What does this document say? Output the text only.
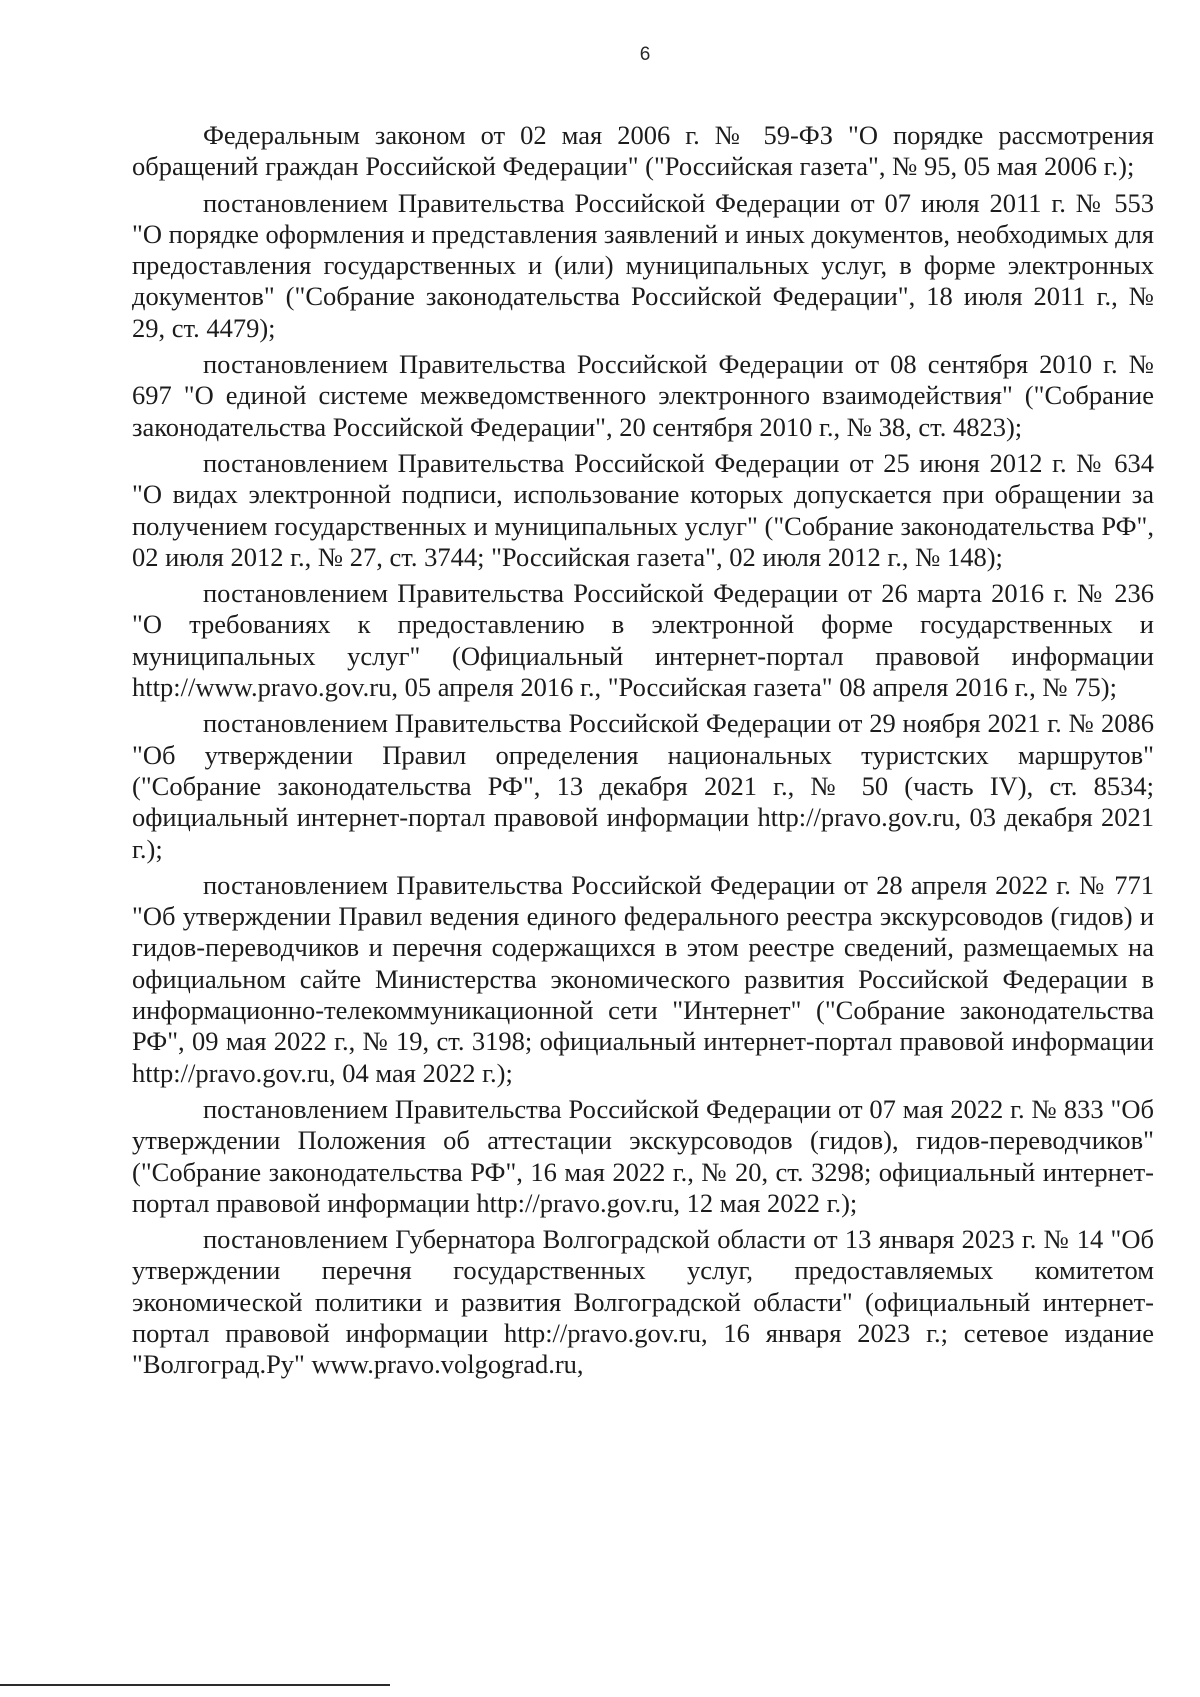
6

Федеральным законом от 02 мая 2006 г. № 59-ФЗ "О порядке рассмотрения обращений граждан Российской Федерации" ("Российская газета", № 95, 05 мая 2006 г.);

постановлением Правительства Российской Федерации от 07 июля 2011 г. № 553 "О порядке оформления и представления заявлений и иных документов, необходимых для предоставления государственных и (или) муниципальных услуг, в форме электронных документов" ("Собрание законодательства Российской Федерации", 18 июля 2011 г., № 29, ст. 4479);

постановлением Правительства Российской Федерации от 08 сентября 2010 г. № 697 "О единой системе межведомственного электронного взаимодействия" ("Собрание законодательства Российской Федерации", 20 сентября 2010 г., № 38, ст. 4823);

постановлением Правительства Российской Федерации от 25 июня 2012 г. № 634 "О видах электронной подписи, использование которых допускается при обращении за получением государственных и муниципальных услуг" ("Собрание законодательства РФ", 02 июля 2012 г., № 27, ст. 3744; "Российская газета", 02 июля 2012 г., № 148);

постановлением Правительства Российской Федерации от 26 марта 2016 г. № 236 "О требованиях к предоставлению в электронной форме государственных и муниципальных услуг" (Официальный интернет-портал правовой информации http://www.pravo.gov.ru, 05 апреля 2016 г., "Российская газета" 08 апреля 2016 г., № 75);

постановлением Правительства Российской Федерации от 29 ноября 2021 г. № 2086 "Об утверждении Правил определения национальных туристских маршрутов" ("Собрание законодательства РФ", 13 декабря 2021 г., № 50 (часть IV), ст. 8534; официальный интернет-портал правовой информации http://pravo.gov.ru, 03 декабря 2021 г.);

постановлением Правительства Российской Федерации от 28 апреля 2022 г. № 771 "Об утверждении Правил ведения единого федерального реестра экскурсоводов (гидов) и гидов-переводчиков и перечня содержащихся в этом реестре сведений, размещаемых на официальном сайте Министерства экономического развития Российской Федерации в информационно-телекоммуникационной сети "Интернет" ("Собрание законодательства РФ", 09 мая 2022 г., № 19, ст. 3198; официальный интернет-портал правовой информации http://pravo.gov.ru, 04 мая 2022 г.);

постановлением Правительства Российской Федерации от 07 мая 2022 г. № 833 "Об утверждении Положения об аттестации экскурсоводов (гидов), гидов-переводчиков" ("Собрание законодательства РФ", 16 мая 2022 г., № 20, ст. 3298; официальный интернет-портал правовой информации http://pravo.gov.ru, 12 мая 2022 г.);

постановлением Губернатора Волгоградской области от 13 января 2023 г. № 14 "Об утверждении перечня государственных услуг, предоставляемых комитетом экономической политики и развития Волгоградской области" (официальный интернет-портал правовой информации http://pravo.gov.ru, 16 января 2023 г.; сетевое издание "Волгоград.Ру" www.pravo.volgograd.ru,
